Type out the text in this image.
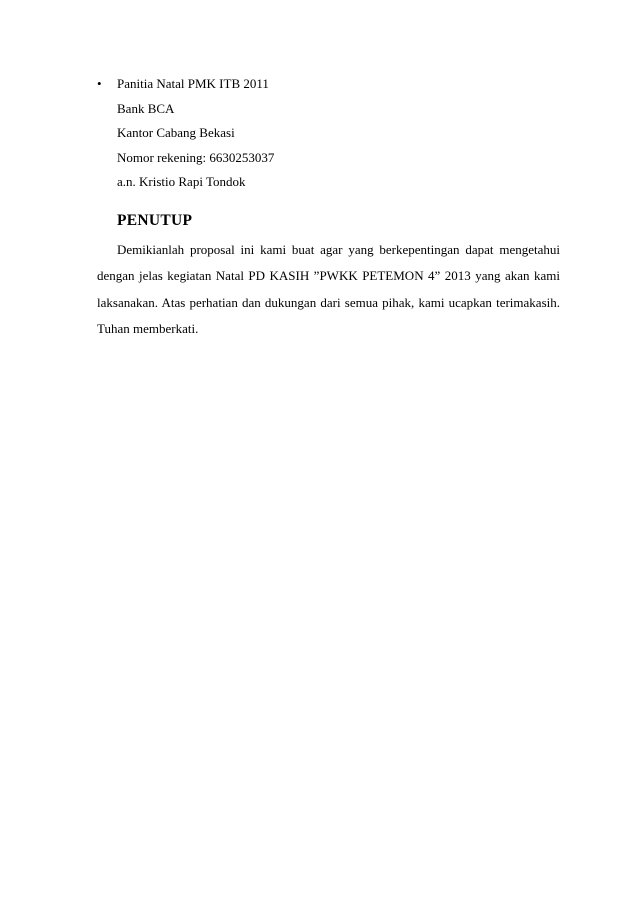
• Panitia Natal PMK ITB 2011
Bank BCA
Kantor Cabang Bekasi
Nomor rekening: 6630253037
a.n. Kristio Rapi Tondok
PENUTUP

Demikianlah proposal ini kami buat agar yang berkepentingan dapat mengetahui dengan jelas kegiatan Natal PD KASIH ”PWKK PETEMON 4” 2013 yang akan kami laksanakan. Atas perhatian dan dukungan dari semua pihak, kami ucapkan terimakasih. Tuhan memberkati.
